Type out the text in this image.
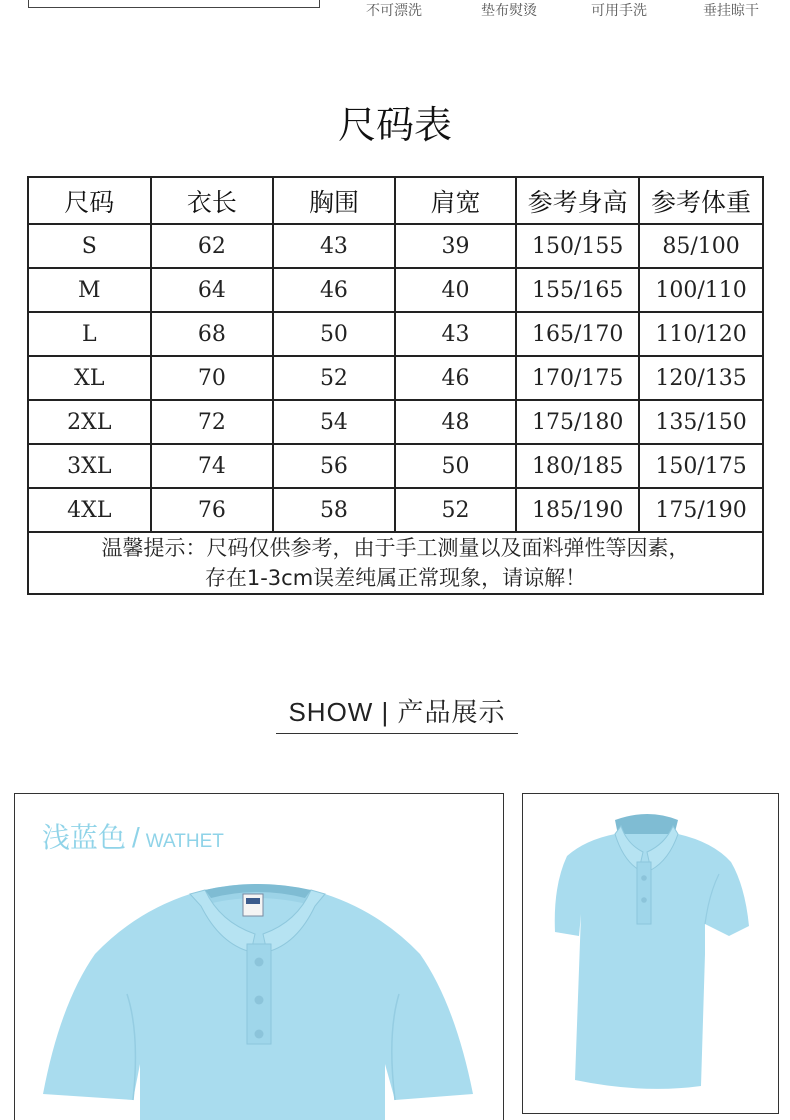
不可漂洗	垫布熨烫	可用手洗	垂挂晾干
尺码表
尺码	衣长	胸围	肩宽	参考身高	参考体重
S	62	43	39	150/155	85/100
M	64	46	40	155/165	100/110
L	68	50	43	165/170	110/120
XL	70	52	46	170/175	120/135
2XL	72	54	48	175/180	135/150
3XL	74	56	50	180/185	150/175
4XL	76	58	52	185/190	175/190

温馨提示：尺码仅供参考，由于手工测量以及面料弹性等因素，
存在1-3cm误差纯属正常现象，请谅解！					
SHOW | 产品展示
浅蓝色 / WATHET
